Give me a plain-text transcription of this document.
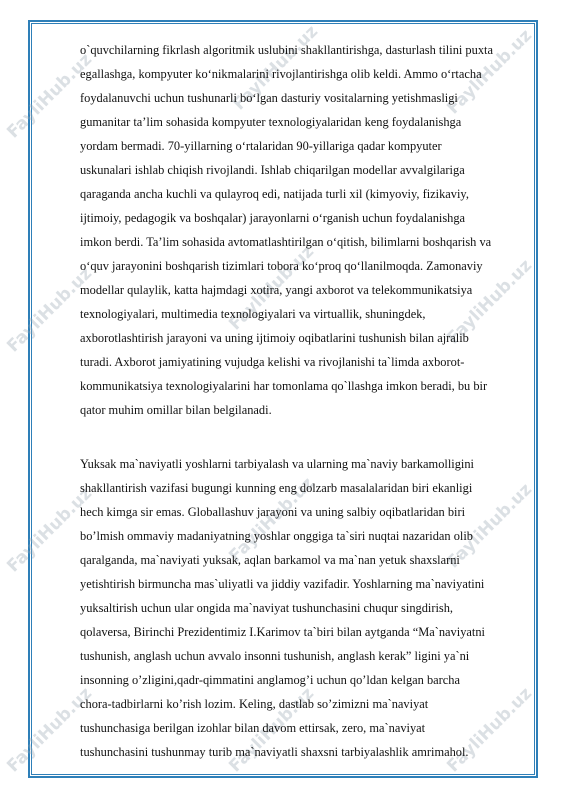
FayliHub.uz	FayliHub.uz	FayliHub.uz
FayliHub.uz	FayliHub.uz	FayliHub.uz
FayliHub.uz	FayliHub.uz	FayliHub.uz
FayliHub.uz	FayliHub.uz	FayliHub.uz

o`quvchilarning fikrlash algoritmik uslubini shakllantirishga, dasturlash tilini puxta
egallashga, kompyuter ko‘nikmalarini rivojlantirishga olib keldi. Ammo o‘rtacha
foydalanuvchi uchun tushunarli bo‘lgan dasturiy vositalarning yetishmasligi
gumanitar ta’lim sohasida kompyuter texnologiyalaridan keng foydalanishga
yordam bermadi. 70-yillarning o‘rtalaridan 90-yillariga qadar kompyuter
uskunalari ishlab chiqish rivojlandi. Ishlab chiqarilgan modellar avvalgilariga
qaraganda ancha kuchli va qulayroq edi, natijada turli xil (kimyoviy, fizikaviy,
ijtimoiy, pedagogik va boshqalar) jarayonlarni o‘rganish uchun foydalanishga
imkon berdi. Ta’lim sohasida avtomatlashtirilgan o‘qitish, bilimlarni boshqarish va
o‘quv jarayonini boshqarish tizimlari tobora ko‘proq qo‘llanilmoqda. Zamonaviy
modellar qulaylik, katta hajmdagi xotira, yangi axborot va telekommunikatsiya
texnologiyalari, multimedia texnologiyalari va virtuallik, shuningdek,
axborotlashtirish jarayoni va uning ijtimoiy oqibatlarini tushunish bilan ajralib
turadi. Axborot jamiyatining vujudga kelishi va rivojlanishi ta`limda axborot-
kommunikatsiya texnologiyalarini har tomonlama qo`llashga imkon beradi, bu bir
qator muhim omillar bilan belgilanadi.

Yuksak ma`naviyatli yoshlarni tarbiyalash va ularning ma`naviy barkamolligini
shakllantirish vazifasi bugungi kunning eng dolzarb masalalaridan biri ekanligi
hech kimga sir emas. Globallashuv jarayoni va uning salbiy oqibatlaridan biri
bo’lmish ommaviy madaniyatning yoshlar onggiga ta`siri nuqtai nazaridan olib
qaralganda, ma`naviyati yuksak, aqlan barkamol va ma`nan yetuk shaxslarni
yetishtirish birmuncha mas`uliyatli va jiddiy vazifadir. Yoshlarning ma`naviyatini
yuksaltirish uchun ular ongida ma`naviyat tushunchasini chuqur singdirish,
qolaversa, Birinchi Prezidentimiz I.Karimov ta`biri bilan aytganda “Ma`naviyatni
tushunish, anglash uchun avvalo insonni tushunish, anglash kerak” ligini ya`ni
insonning o’zligini,qadr-qimmatini anglamog’i uchun qo’ldan kelgan barcha
chora-tadbirlarni ko’rish lozim. Keling, dastlab so’zimizni ma`naviyat
tushunchasiga berilgan izohlar bilan davom ettirsak, zero, ma`naviyat
tushunchasini tushunmay turib ma`naviyatli shaxsni tarbiyalashlik amrimahol.
